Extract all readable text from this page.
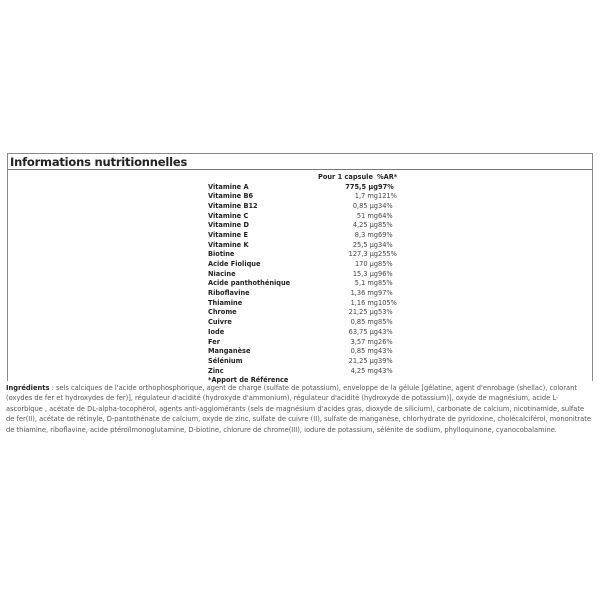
Informations nutritionnelles
Pour 1 capsule %AR*
Vitamine A	775,5 µg 97%
Vitamine B6	1,7 mg 121%
Vitamine B12	0,85 µg 34%
Vitamine C	51 mg 64%
Vitamine D	4,25 µg 85%
Vitamine E	8,3 mg 69%
Vitamine K	25,5 µg 34%
Biotine	127,3 µg 255%
Acide Fiolique	170 µg 85%
Niacine	15,3 µg 96%
Acide panthothénique	5,1 mg 85%
Riboflavine	1,36 mg 97%
Thiamine	1,16 mg 105%
Chrome	21,25 µg 53%
Cuivre	0,85 mg 85%
Iode	63,75 µg 43%
Fer	3,57 mg 26%
Manganèse	0,85 mg 43%
Sélénium	21,25 µg 39%
Zinc	4,25 mg 43%
*Apport de Référence
Ingrédients : sels calciques de l'acide orthophosphorique, agent de charge (sulfate de potassium), enveloppe de la gélule [gélatine, agent d'enrobage (shellac), colorant (oxydes de fer et hydroxydes de fer)], régulateur d'acidité (hydroxyde d'ammonium), régulateur d'acidité (hydroxyde de potassium)], oxyde de magnésium, acide L-ascorbique , acétate de DL-alpha-tocophérol, agents anti-agglomérants (sels de magnésium d'acides gras, dioxyde de silicium), carbonate de calcium, nicotinamide, sulfate de fer(II), acétate de rétinyle, D-pantothénate de calcium, oxyde de zinc, sulfate de cuivre (II), sulfate de manganèse, chlorhydrate de pyridoxine, cholécalciférol, mononitrate de thiamine, riboflavine, acide ptéroïlmonoglutamine, D-biotine, chlorure de chrome(III), iodure de potassium, sélénite de sodium, phylloquinone, cyanocobalamine.
